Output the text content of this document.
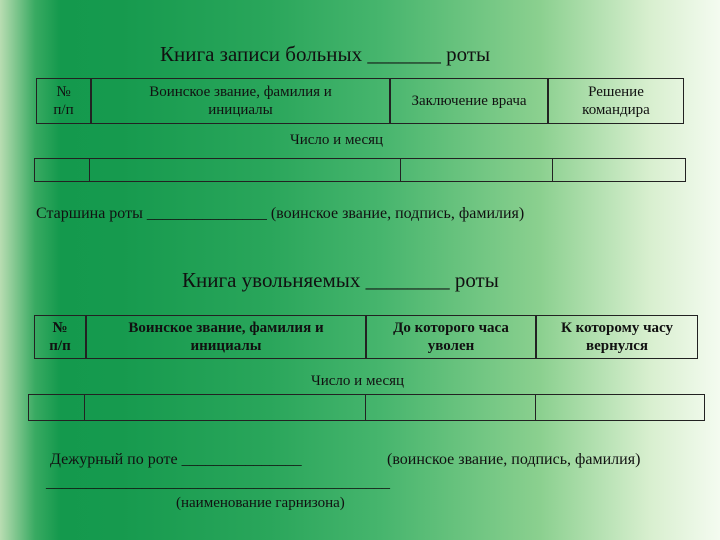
Книга записи больных _______ роты
№ п/п
Воинское звание, фамилия и инициалы
Заключение врача
Решение командира
Число и месяц
Старшина роты _______________ (воинское звание, подпись, фамилия)
Книга увольняемых ________ роты
№ п/п
Воинское звание, фамилия и инициалы
До которого часа уволен
К которому часу вернулся
Число и месяц
Дежурный по роте _______________	(воинское звание, подпись, фамилия)
___________________________________________
(наименование гарнизона)
